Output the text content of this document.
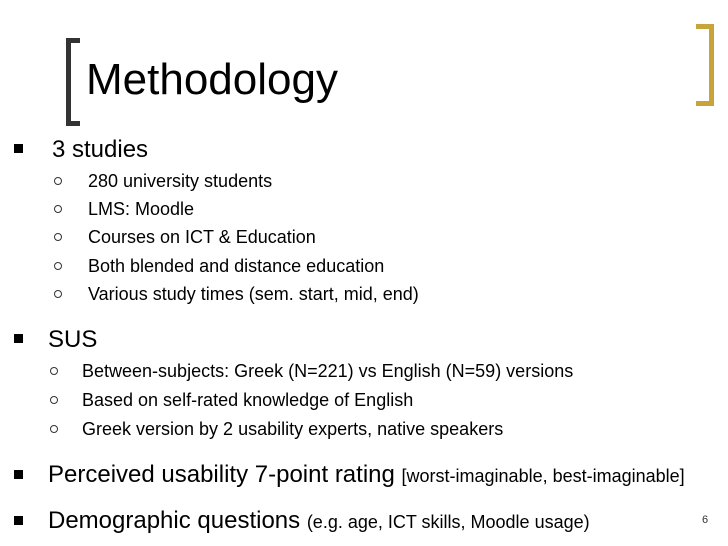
Methodology
3 studies
280 university students
LMS: Moodle
Courses on ICT & Education
Both blended and distance education
Various study times (sem. start, mid, end)
SUS
Between-subjects: Greek (N=221) vs English (N=59) versions
Based on self-rated knowledge of English
Greek version by 2 usability experts, native speakers
Perceived usability 7-point rating [worst-imaginable, best-imaginable]
Demographic questions (e.g. age, ICT skills, Moodle usage)	6
